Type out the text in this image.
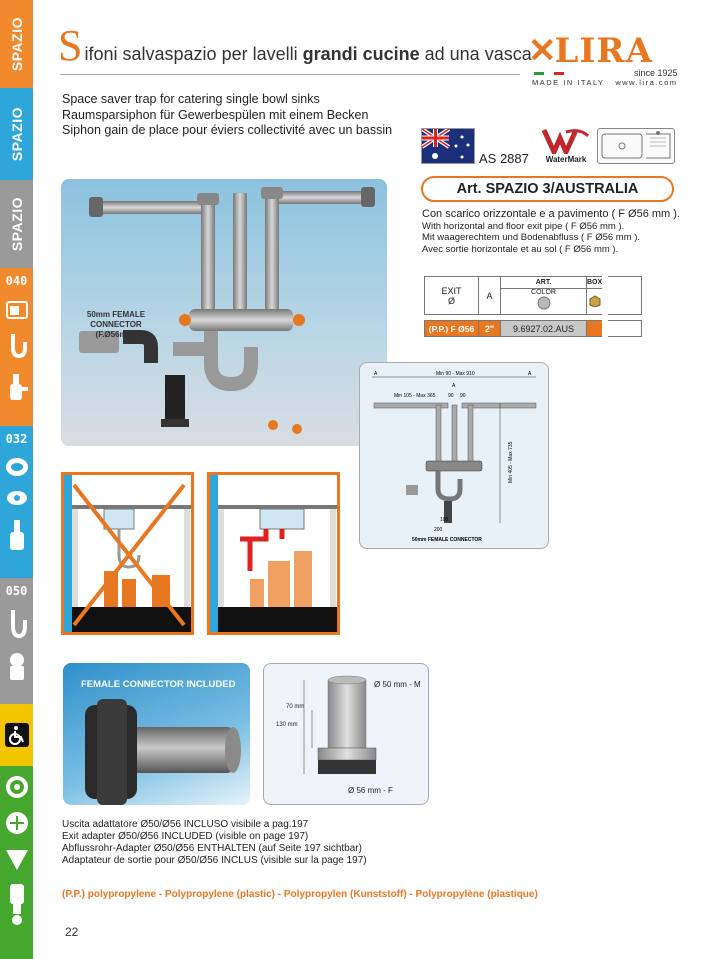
SPAZIO
SPAZIO
SPAZIO
040
032
050
S ifoni salvaspazio per lavelli grandi cucine ad una vasca
✕LIRA
since 1925
MADE IN ITALY www.lira.com
Space saver trap for catering single bowl sinks
Raumsparsiphon für Gewerbespülen mit einem Becken
Siphon gain de place pour éviers collectivité avec un bassin
AS 2887	WaterMark
50mm FEMALE CONNECTOR
(F.Ø56mm)
Art. SPAZIO 3/AUSTRALIA
Con scarico orizzontale e a pavimento ( F Ø56 mm ).
With horizontal and floor exit pipe ( F Ø56 mm ).
Mit waagerechtem und Bodenabfluss ( F Ø56 mm ).
Avec sortie horizontale et au sol ( F Ø56 mm ).
EXIT
Ø	A	ART.	BOX	

		COLOR

(P.P.) F Ø56	2"	9.6927.02.AUS		
A	A
A
Min 90 - Max 910
Min 105 - Max 365	90 90
Min 405 - Max 735
100
200
50mm FEMALE CONNECTOR
FEMALE CONNECTOR INCLUDED	Ø 50 mm - M
70 mm
130 mm
Ø 56 mm - F
Uscita adattatore Ø50/Ø56 INCLUSO visibile a pag.197
Exit adapter Ø50/Ø56 INCLUDED (visible on page 197)
Abflussrohr-Adapter Ø50/Ø56 ENTHALTEN (auf Seite 197 sichtbar)
Adaptateur de sortie pour Ø50/Ø56 INCLUS (visible sur la page 197)
(P.P.) polypropylene - Polypropylene (plastic) - Polypropylen (Kunststoff) - Polypropylène (plastique)
22
